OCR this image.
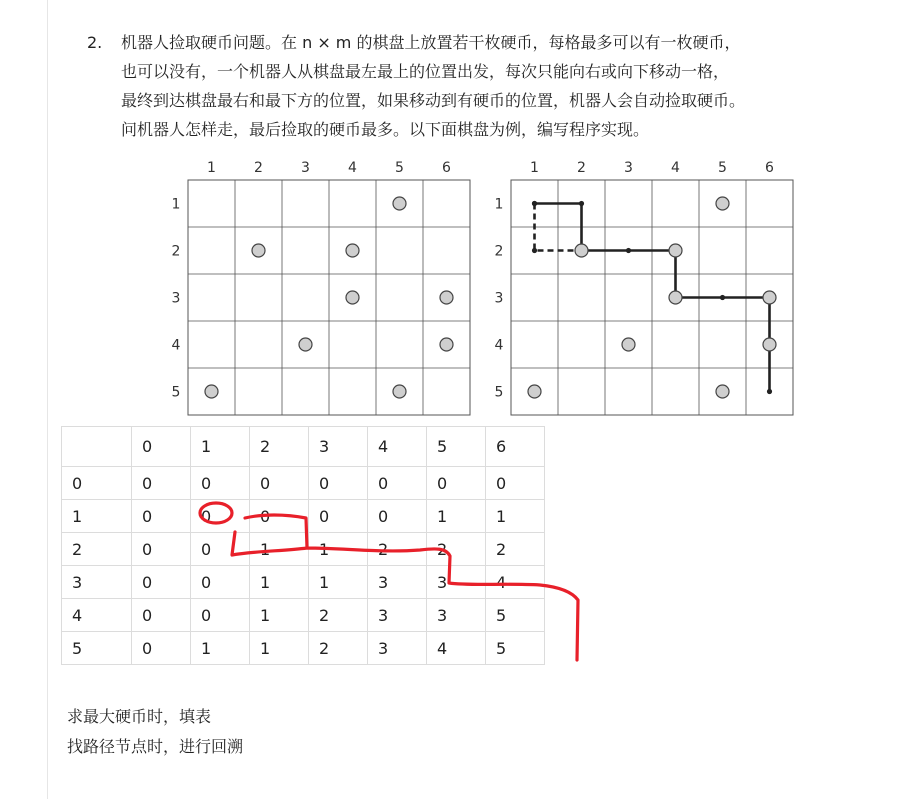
2. 机器人捡取硬币问题。在 n × m 的棋盘上放置若干枚硬币，每格最多可以有一枚硬币，
也可以没有，一个机器人从棋盘最左最上的位置出发，每次只能向右或向下移动一格，
最终到达棋盘最右和最下方的位置，如果移动到有硬币的位置，机器人会自动捡取硬币。
问机器人怎样走，最后捡取的硬币最多。以下面棋盘为例，编写程序实现。
1	2	3	4	5	6
1
2
3
4
5
1	2	3	4	5	6
1
2
3
4
5
	0	1	2	3	4	5	6
0	0	0	0	0	0	0	0
1	0	0	0	0	0	1	1
2	0	0	1	1	2	2	2
3	0	0	1	1	3	3	4
4	0	0	1	2	3	3	5
5	0	1	1	2	3	4	5
求最大硬币时，填表
找路径节点时，进行回溯
